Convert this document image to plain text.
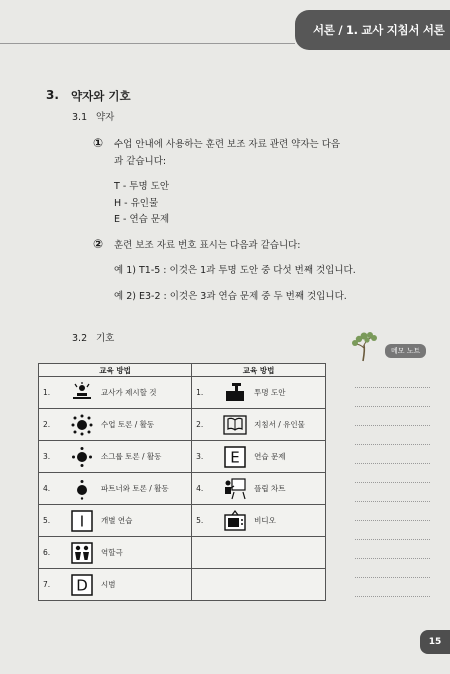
서론 / 1. 교사 지침서 서론
3. 약자와 기호
3.1 약자
① 수업 안내에 사용하는 훈련 보조 자료 관련 약자는 다음
과 같습니다:
T - 투명 도안
H - 유인물
E - 연습 문제
② 훈련 보조 자료 번호 표시는 다음과 같습니다:
예 1) T1-5 : 이것은 1과 투명 도안 중 다섯 번째 것입니다.
예 2) E3-2 : 이것은 3과 연습 문제 중 두 번째 것입니다.
3.2 기호
교육 방법	교육 방법

1. 교사가 제시할 것	1. 투명 도안

2. 수업 토론 / 활동	2. 지침서 / 유인물

3. 소그룹 토론 / 활동	3. E 연습 문제

4. 파트너와 토론 / 활동	4. 플립 차트

5. I 개별 연습	5. 비디오

6. 역할극	

7. D 시범	

메모 노트
15
